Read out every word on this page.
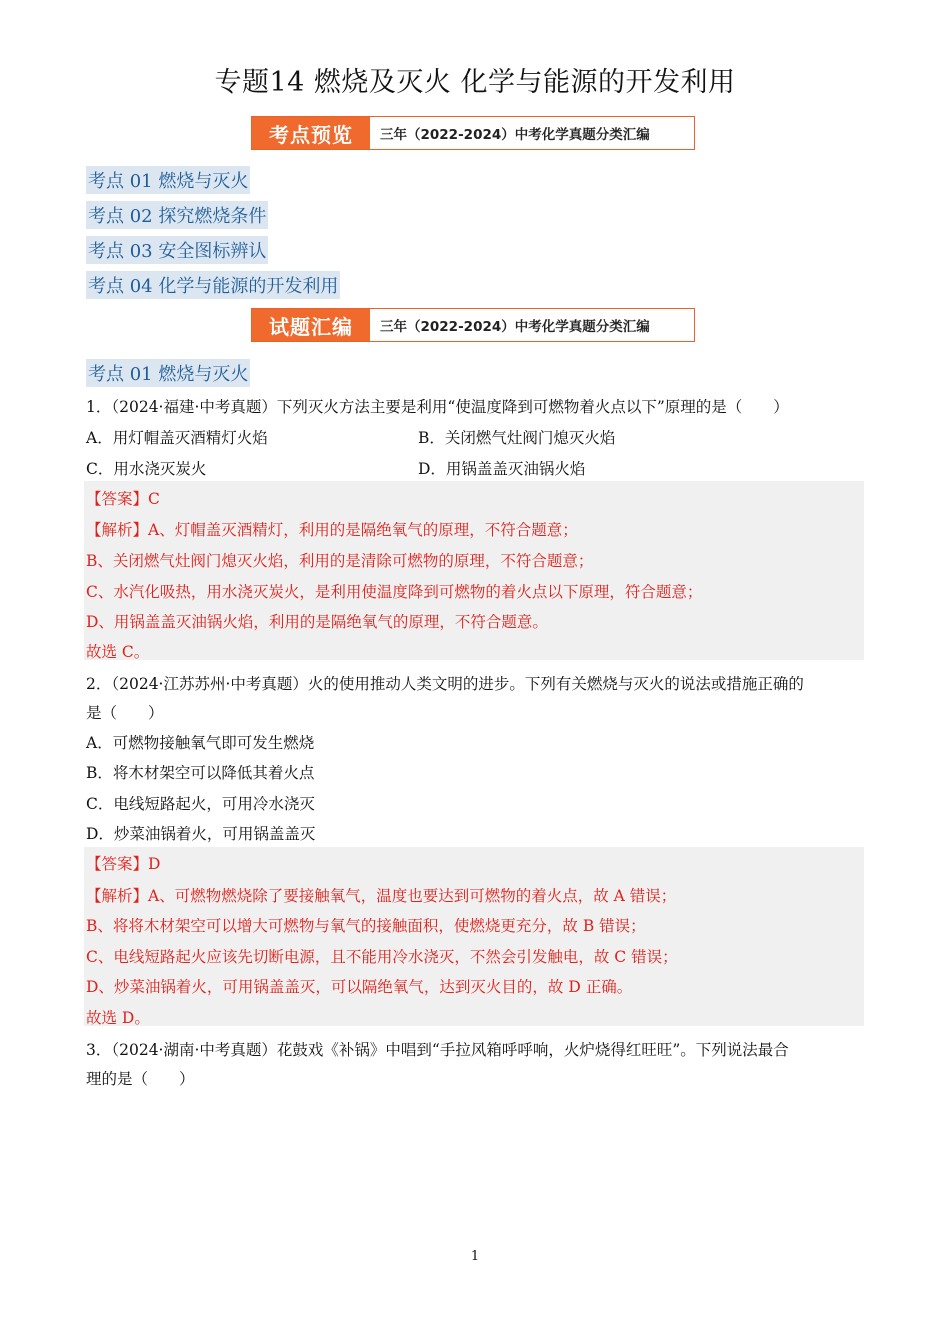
专题14 燃烧及灭火 化学与能源的开发利用
考点预览	三年（2022-2024）中考化学真题分类汇编
考点 01 燃烧与灭火
考点 02 探究燃烧条件
考点 03 安全图标辨认
考点 04 化学与能源的开发利用
试题汇编	三年（2022-2024）中考化学真题分类汇编
考点 01 燃烧与灭火
1．（2024·福建·中考真题）下列灭火方法主要是利用“使温度降到可燃物着火点以下”原理的是（　　）
A．用灯帽盖灭酒精灯火焰	B．关闭燃气灶阀门熄灭火焰
C．用水浇灭炭火	D．用锅盖盖灭油锅火焰
【答案】C
【解析】A、灯帽盖灭酒精灯，利用的是隔绝氧气的原理，不符合题意；
B、关闭燃气灶阀门熄灭火焰，利用的是清除可燃物的原理，不符合题意；
C、水汽化吸热，用水浇灭炭火，是利用使温度降到可燃物的着火点以下原理，符合题意；
D、用锅盖盖灭油锅火焰，利用的是隔绝氧气的原理，不符合题意。
故选 C。
2．（2024·江苏苏州·中考真题）火的使用推动人类文明的进步。下列有关燃烧与灭火的说法或措施正确的
是（　　）
A．可燃物接触氧气即可发生燃烧
B．将木材架空可以降低其着火点
C．电线短路起火，可用冷水浇灭
D．炒菜油锅着火，可用锅盖盖灭
【答案】D
【解析】A、可燃物燃烧除了要接触氧气，温度也要达到可燃物的着火点，故 A 错误；
B、将将木材架空可以增大可燃物与氧气的接触面积，使燃烧更充分，故 B 错误；
C、电线短路起火应该先切断电源，且不能用冷水浇灭，不然会引发触电，故 C 错误；
D、炒菜油锅着火，可用锅盖盖灭，可以隔绝氧气，达到灭火目的，故 D 正确。
故选 D。
3．（2024·湖南·中考真题）花鼓戏《补锅》中唱到“手拉风箱呼呼响，火炉烧得红旺旺”。下列说法最合
理的是（　　）
1
